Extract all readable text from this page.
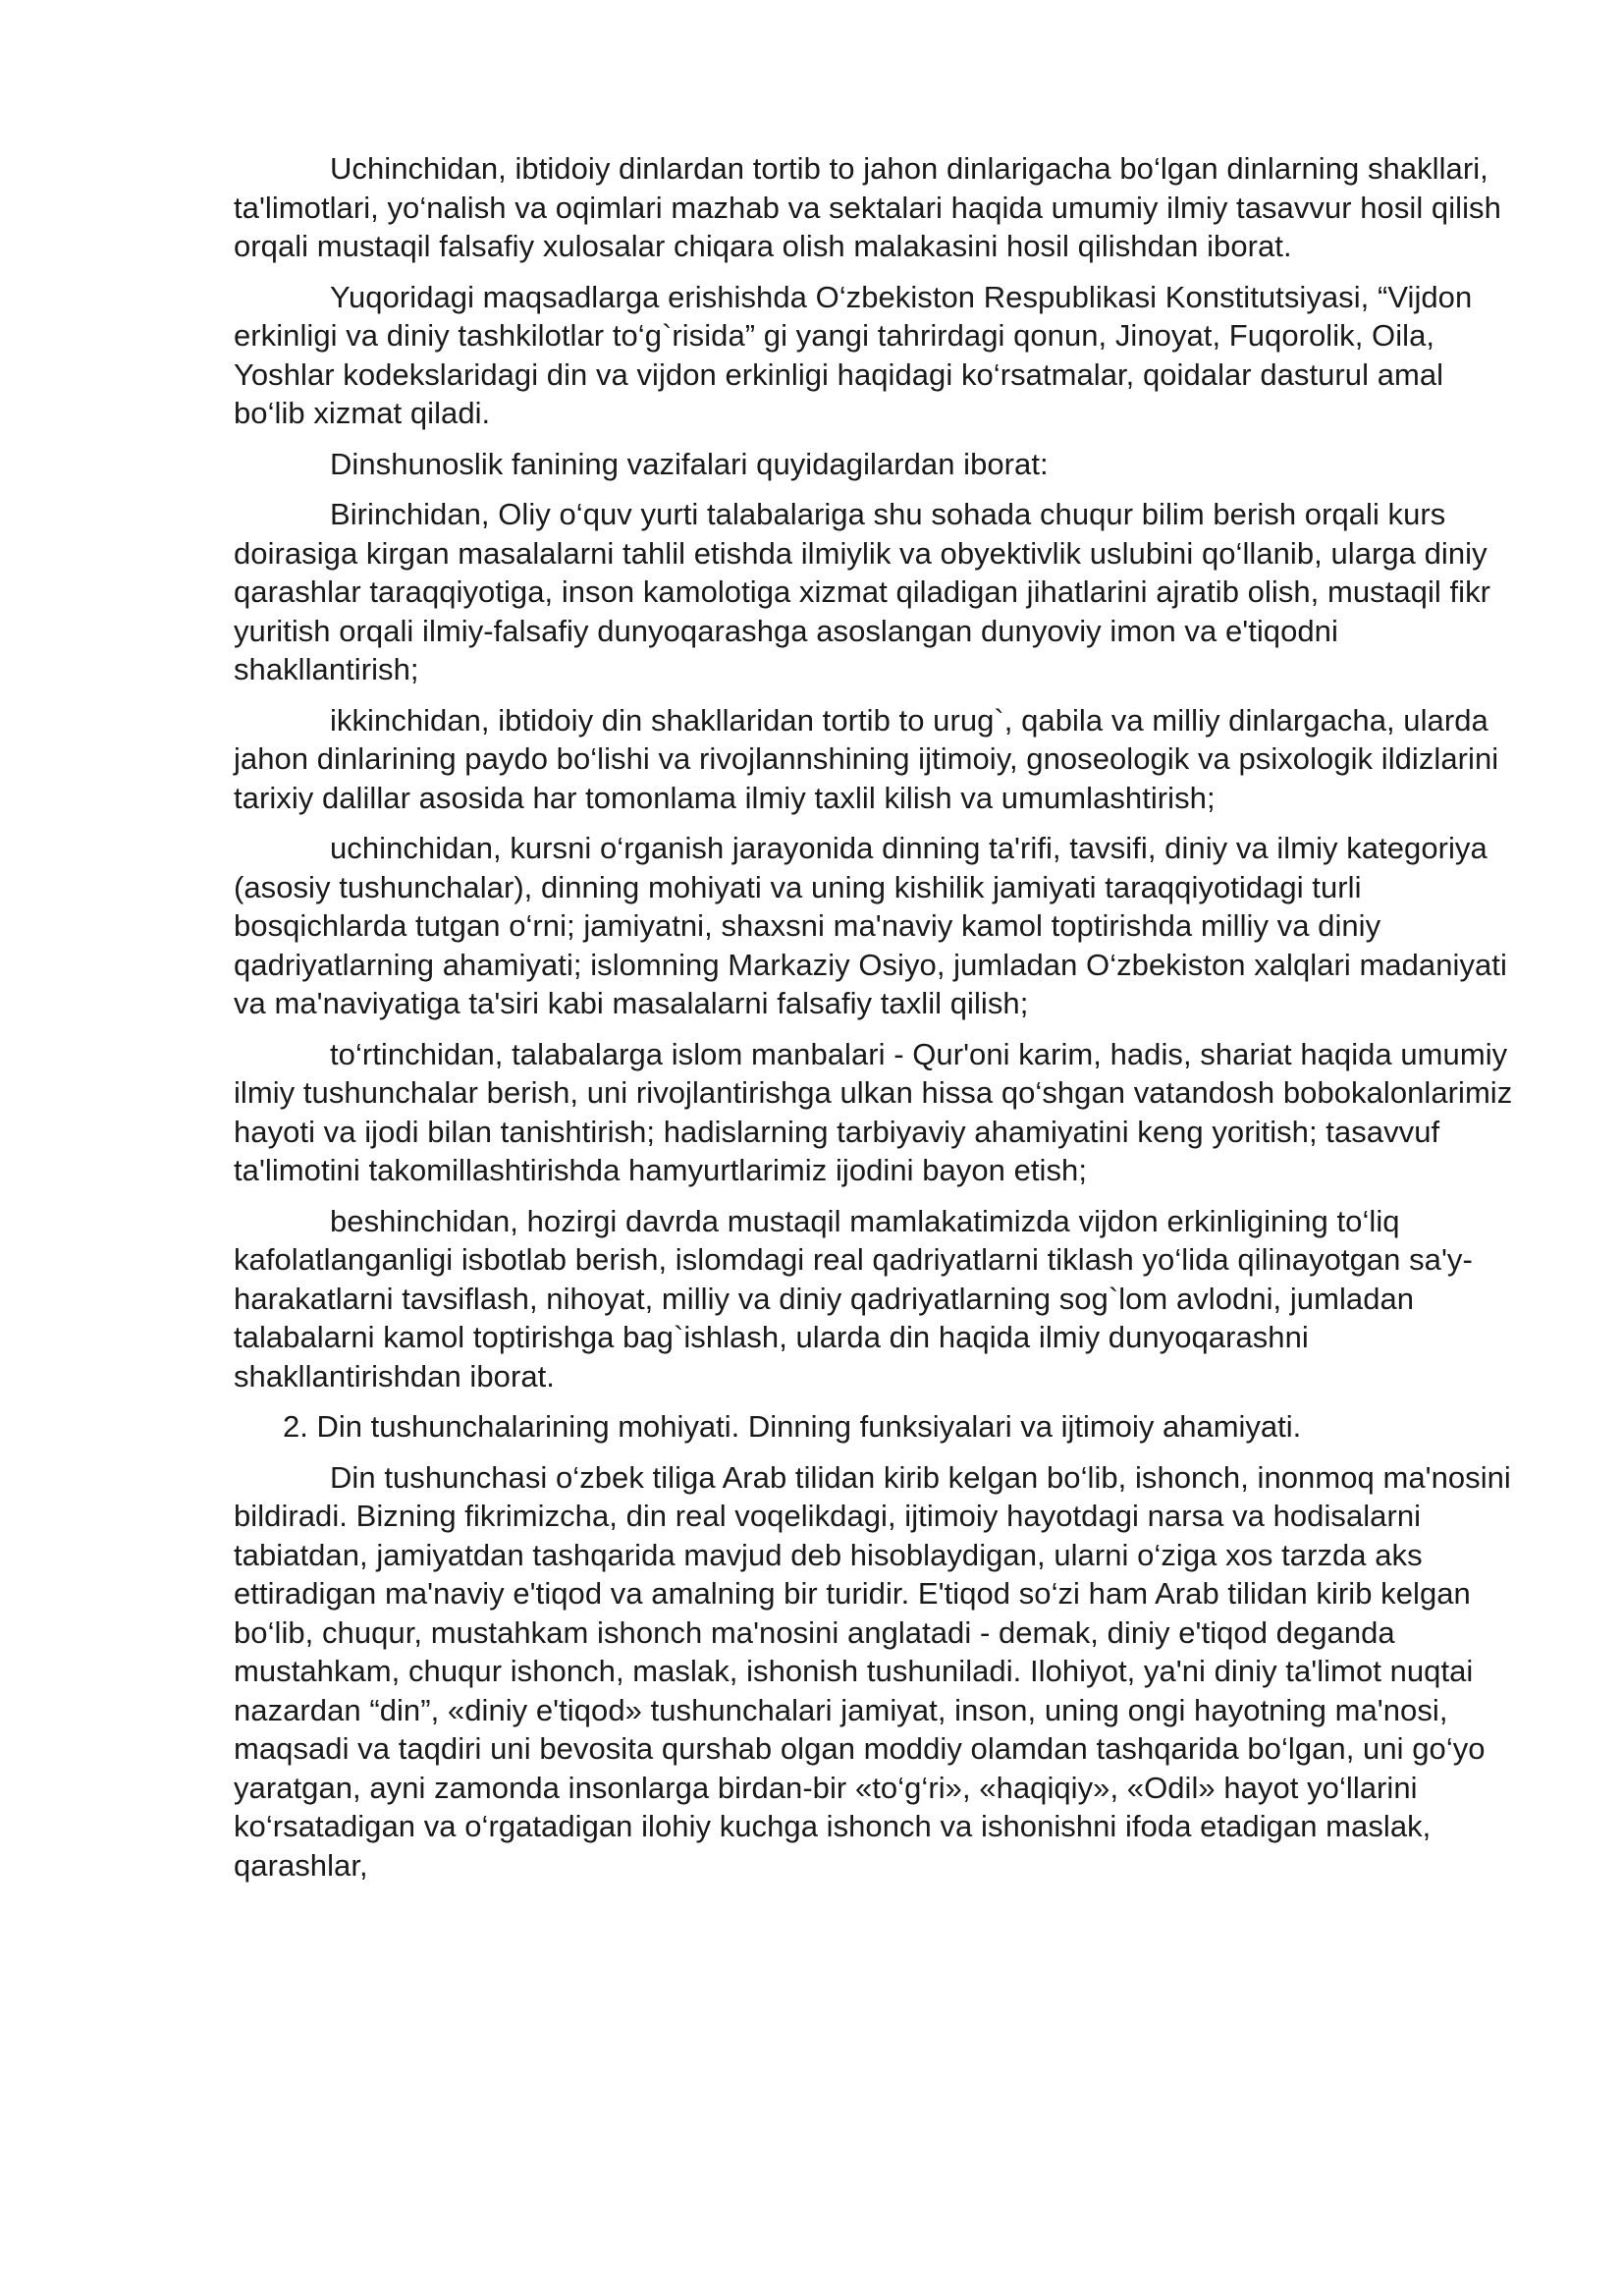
Uchinchidan, ibtidoiy dinlardan tortib to jahon dinlarigacha bo‘lgan dinlarning shakllari, ta'limotlari, yo‘nalish va oqimlari mazhab va sektalari haqida umumiy ilmiy tasavvur hosil qilish orqali mustaqil falsafiy xulosalar chiqara olish malakasini hosil qilishdan iborat.

Yuqoridagi maqsadlarga erishishda O‘zbekiston Respublikasi Konstitutsiyasi, “Vijdon erkinligi va diniy tashkilotlar to‘g`risida” gi yangi tahrirdagi qonun, Jinoyat, Fuqorolik, Oila, Yoshlar kodekslaridagi din va vijdon erkinligi haqidagi ko‘rsatmalar, qoidalar dasturul amal bo‘lib xizmat qiladi.

Dinshunoslik fanining vazifalari quyidagilardan iborat:

Birinchidan, Oliy o‘quv yurti talabalariga shu sohada chuqur bilim berish orqali kurs doirasiga kirgan masalalarni tahlil etishda ilmiylik va obyektivlik uslubini qo‘llanib, ularga diniy qarashlar taraqqiyotiga, inson kamolotiga xizmat qiladigan jihatlarini ajratib olish, mustaqil fikr yuritish orqali ilmiy-falsafiy dunyoqarashga asoslangan dunyoviy imon va e'tiqodni shakllantirish;

ikkinchidan, ibtidoiy din shakllaridan tortib to urug`, qabila va milliy dinlargacha, ularda jahon dinlarining paydo bo‘lishi va rivojlannshining ijtimoiy, gnoseologik va psixologik ildizlarini tarixiy dalillar asosida har tomonlama ilmiy taxlil kilish va umumlashtirish;

uchinchidan, kursni o‘rganish jarayonida dinning ta'rifi, tavsifi, diniy va ilmiy kategoriya (asosiy tushunchalar), dinning mohiyati va uning kishilik jamiyati taraqqiyotidagi turli bosqichlarda tutgan o‘rni; jamiyatni, shaxsni ma'naviy kamol toptirishda milliy va diniy qadriyatlarning ahamiyati; islomning Markaziy Osiyo, jumladan O‘zbekiston xalqlari madaniyati va ma'naviyatiga ta'siri kabi masalalarni falsafiy taxlil qilish;

to‘rtinchidan, talabalarga islom manbalari - Qur'oni karim, hadis, shariat haqida umumiy ilmiy tushunchalar berish, uni rivojlantirishga ulkan hissa qo‘shgan vatandosh bobokalonlarimiz hayoti va ijodi bilan tanishtirish; hadislarning tarbiyaviy ahamiyatini keng yoritish; tasavvuf ta'limotini takomillashtirishda hamyurtlarimiz ijodini bayon etish;

beshinchidan, hozirgi davrda mustaqil mamlakatimizda vijdon erkinligining to‘liq kafolatlanganligi isbotlab berish, islomdagi real qadriyatlarni tiklash yo‘lida qilinayotgan sa'y-harakatlarni tavsiflash, nihoyat, milliy va diniy qadriyatlarning sog`lom avlodni, jumladan talabalarni kamol toptirishga bag`ishlash, ularda din haqida ilmiy dunyoqarashni shakllantirishdan iborat.

2. Din tushunchalarining mohiyati. Dinning funksiyalari va ijtimoiy ahamiyati.

Din tushunchasi o‘zbek tiliga Arab tilidan kirib kelgan bo‘lib, ishonch, inonmoq ma'nosini bildiradi. Bizning fikrimizcha, din real voqelikdagi, ijtimoiy hayotdagi narsa va hodisalarni tabiatdan, jamiyatdan tashqarida mavjud deb hisoblaydigan, ularni o‘ziga xos tarzda aks ettiradigan ma'naviy e'tiqod va amalning bir turidir. E'tiqod so‘zi ham Arab tilidan kirib kelgan bo‘lib, chuqur, mustahkam ishonch ma'nosini anglatadi - demak, diniy e'tiqod deganda mustahkam, chuqur ishonch, maslak, ishonish tushuniladi. Ilohiyot, ya'ni diniy ta'limot nuqtai nazardan “din”, «diniy e'tiqod» tushunchalari jamiyat, inson, uning ongi hayotning ma'nosi, maqsadi va taqdiri uni bevosita qurshab olgan moddiy olamdan tashqarida bo‘lgan, uni go‘yo yaratgan, ayni zamonda insonlarga birdan-bir «to‘g‘ri», «haqiqiy», «Odil» hayot yo‘llarini ko‘rsatadigan va o‘rgatadigan ilohiy kuchga ishonch va ishonishni ifoda etadigan maslak, qarashlar,
